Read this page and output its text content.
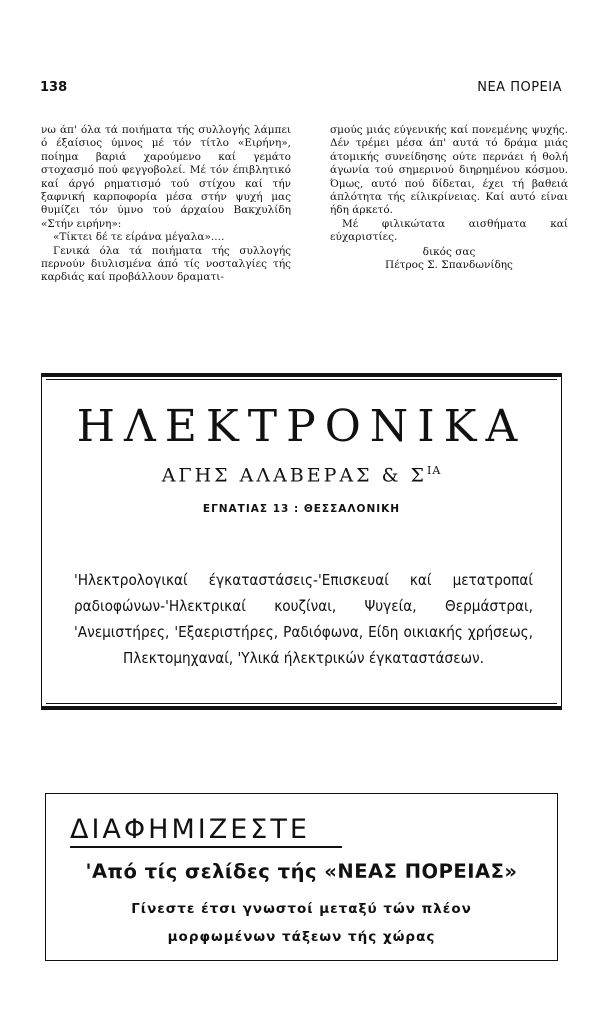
138	ΝΕΑ ΠΟΡΕΙΑ

νω άπ' όλα τά ποιήματα τής συλλογής λάμπει ό έξαίσιος ύμνος μέ τόν τίτλο «Ειρήνη», ποίημα βαριά χαρούμενο καί γεμάτο στοχασμό πού φεγγοβολεί. Μέ τόν έπιβλητικό καί άργό ρηματισμό τού στίχου καί τήν ξαφνική καρποφορία μέσα στήν ψυχή μας θυμίζει τόν ύμνο τού άρχαίου Βακχυλίδη «Στήν ειρήνη»:

«Τίκτει δέ τε είράνα μέγαλα»....

Γενικά όλα τά ποιήματα τής συλλογής περνούν διυλισμένα άπό τίς νοσταλγίες τής καρδιάς καί προβάλλουν δραματι-

σμούς μιάς εύγενικής καί πονεμένης ψυχής. Δέν τρέμει μέσα άπ' αυτά τό δράμα μιάς άτομικής συνείδησης ούτε περνάει ή θολή άγωνία τού σημερινού διηρημένου κόσμου. Όμως, αυτό πού δίδεται, έχει τή βαθειά άπλότητα τής είλικρίνειας. Καί αυτό είναι ήδη άρκετό.

Μέ φιλικώτατα αισθήματα καί εύχαριστίες.

δικός σας
Πέτρος Σ. Σπανδωνίδης
ΗΛΕΚΤΡΟΝΙΚΑ
ΑΓΗΣ ΑΛΑΒΕΡΑΣ & $\Sigma^{IA}$
ΕΓΝΑΤΙΑΣ 13 : ΘΕΣΣΑΛΟΝΙΚΗ
'Ηλεκτρολογικαί έγκαταστάσεις-'Επισκευαί καί μετατροπαί ραδιοφώνων-'Ηλεκτρικαί κουζίναι, Ψυγεία, Θερμάστραι, 'Ανεμιστήρες, 'Εξαεριστήρες, Ραδιόφωνα, Είδη οικιακής χρήσεως, Πλεκτομηχαναί, 'Υλικά ήλεκτρικών έγκαταστάσεων.
ΔΙΑΦΗΜΙΖΕΣΤΕ
'Από τίς σελίδες τής «ΝΕΑΣ ΠΟΡΕΙΑΣ»
Γίνεστε έτσι γνωστοί μεταξύ τών πλέον
μορφωμένων τάξεων τής χώρας
